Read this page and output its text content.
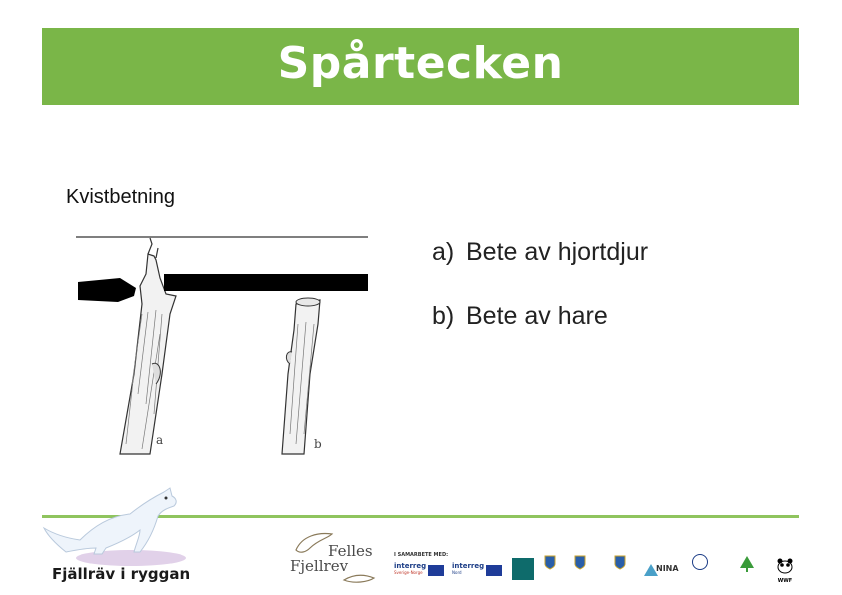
Spårtecken
Kvistbetning
a	b
a) Bete av hjortdjur
b) Bete av hare
Fjällräv i ryggan
Felles
Fjellrev
I SAMARBETE MED:
interreg
Sverige-Norge
interreg
Nord	NINA
WWF
